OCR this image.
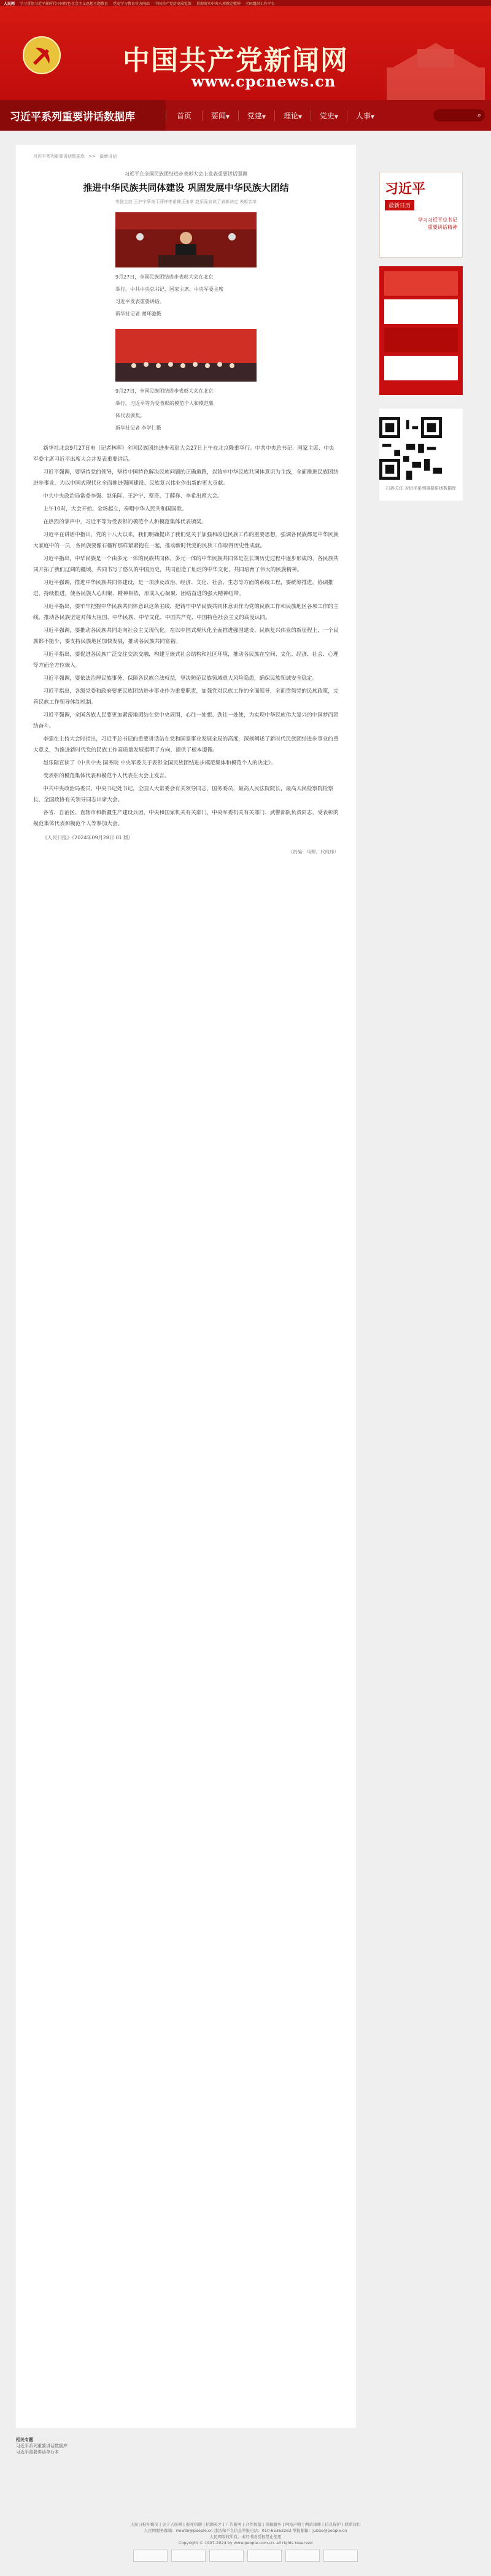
人民网 学习贯彻习近平新时代中国特色社会主义思想主题教育 党史学习教育官方网站 中国共产党历史展览馆 贯彻落实中央八项规定精神 全国组织工作平台
中国共产党新闻网
www.cpcnews.cn
习近平系列重要讲话数据库	首页	要闻▼	党建▼	理论▼	党史▼	人事▼	⌕
习近平系列重要讲话数据库 >> 最新讲话
习近平在全国民族团结进步表彰大会上发表重要讲话强调
推进中华民族共同体建设 巩固发展中华民族大团结
李强主持 王沪宁蔡奇丁薛祥李希韩正出席 赵乐际宣读了表彰决定 表彰名单

9月27日，全国民族团结进步表彰大会在北京

举行。中共中央总书记、国家主席、中央军委主席

习近平发表重要讲话。

新华社记者 谢环驰摄

9月27日，全国民族团结进步表彰大会在北京

举行。习近平等为受表彰的模范个人和模范集

体代表颁奖。

新华社记者 李学仁摄

新华社北京9月27日电（记者林晖）全国民族团结进步表彰大会27日上午在北京隆重举行。中共中央总书记、国家主席、中央军委主席习近平出席大会并发表重要讲话。

习近平强调，要坚持党的领导，坚持中国特色解决民族问题的正确道路，以铸牢中华民族共同体意识为主线，全面推进民族团结进步事业，为以中国式现代化全面推进强国建设、民族复兴伟业作出新的更大贡献。

中共中央政治局常委李强、赵乐际、王沪宁、蔡奇、丁薛祥、李希出席大会。

上午10时，大会开始。全场起立，奏唱中华人民共和国国歌。

在热烈的掌声中，习近平等为受表彰的模范个人和模范集体代表颁奖。

习近平在讲话中指出，党的十八大以来，我们明确提出了我们党关于加强和改进民族工作的重要思想，强调各民族都是中华民族大家庭中的一员，各民族要像石榴籽那样紧紧抱在一起，推动新时代党的民族工作取得历史性成就。

习近平指出，中华民族是一个由多元一体的民族共同体，多元一体的中华民族共同体是在长期历史过程中逐步形成的，各民族共同开拓了我们辽阔的疆域，共同书写了悠久的中国历史，共同创造了灿烂的中华文化，共同培育了伟大的民族精神。

习近平强调，推进中华民族共同体建设，是一项涉及政治、经济、文化、社会、生态等方面的系统工程，要统筹推进，协调推进，持续推进，使各民族人心归聚、精神相依，形成人心凝聚、团结奋进的强大精神纽带。

习近平指出，要牢牢把握中华民族共同体意识这条主线，把铸牢中华民族共同体意识作为党的民族工作和民族地区各项工作的主线，推动各民族坚定对伟大祖国、中华民族、中华文化、中国共产党、中国特色社会主义的高度认同。

习近平强调，要推动各民族共同走向社会主义现代化。在以中国式现代化全面推进强国建设、民族复兴伟业的新征程上，一个民族都不能少，要支持民族地区加快发展，推动各民族共同富裕。

习近平指出，要促进各民族广泛交往交流交融，构建互嵌式社会结构和社区环境，推动各民族在空间、文化、经济、社会、心理等方面全方位嵌入。

习近平强调，要依法治理民族事务，保障各民族合法权益，坚决防范民族领域重大风险隐患，确保民族领域安全稳定。

习近平指出，各级党委和政府要把民族团结进步事业作为重要职责，加强党对民族工作的全面领导，全面贯彻党的民族政策，完善民族工作领导体制机制。

习近平强调，全国各族人民要更加紧密地团结在党中央周围，心往一处想、劲往一处使，为实现中华民族伟大复兴的中国梦而团结奋斗。

李强在主持大会时指出，习近平总书记的重要讲话站在党和国家事业发展全局的高度，深刻阐述了新时代民族团结进步事业的重大意义，为推进新时代党的民族工作高质量发展指明了方向，提供了根本遵循。

赵乐际宣读了《中共中央 国务院 中央军委关于表彰全国民族团结进步模范集体和模范个人的决定》。

受表彰的模范集体代表和模范个人代表在大会上发言。

中共中央政治局委员、中央书记处书记，全国人大常委会有关领导同志，国务委员，最高人民法院院长，最高人民检察院检察长，全国政协有关领导同志出席大会。

各省、自治区、直辖市和新疆生产建设兵团，中央和国家机关有关部门，中央军委机关有关部门、武警部队负责同志，受表彰的模范集体代表和模范个人等参加大会。

《人民日报》（2024年09月28日 01 版）
（责编：马婷、代纯玮）
习近平
最新日历
学习习近平总书记
重要讲话精神
扫码关注 习近平系列重要讲话数据库
相关专题
习近平系列重要讲话数据库
习近平重要讲话单行本
人民日报社概况 | 关于人民网 | 报社招聘 | 招聘英才 | 广告服务 | 合作加盟 | 供稿服务 | 网站声明 | 网站律师 | 信息保护 | 联系我们
人民网服务邮箱：rmwsb@people.cn 违法和不良信息举报电话：010-65363263 举报邮箱：jubao@people.cn
人民网版权所有，未经书面授权禁止使用
Copyright © 1997-2024 by www.people.com.cn. all rights reserved
